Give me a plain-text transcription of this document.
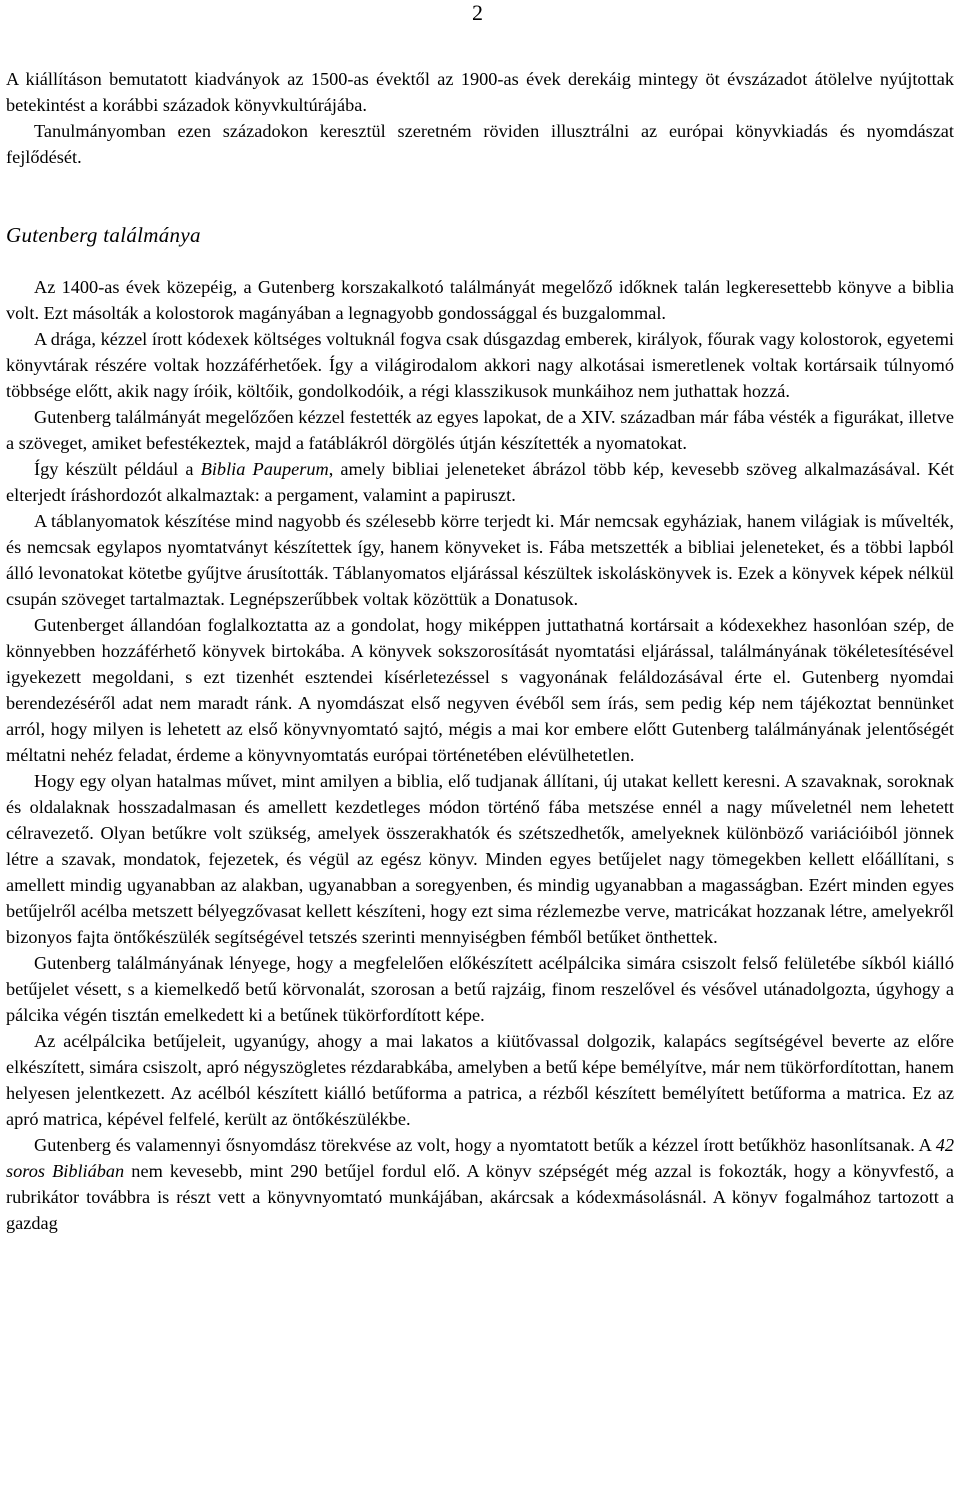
2

A kiállításon bemutatott kiadványok az 1500-as évektől az 1900-as évek derekáig mintegy öt évszázadot átölelve nyújtottak betekintést a korábbi századok könyvkultúrájába.

Tanulmányomban ezen századokon keresztül szeretném röviden illusztrálni az európai könyvkiadás és nyomdászat fejlődését.

Gutenberg találmánya

Az 1400-as évek közepéig, a Gutenberg korszakalkotó találmányát megelőző időknek talán legkeresettebb könyve a biblia volt. Ezt másolták a kolostorok magányában a legnagyobb gondossággal és buzgalommal.

A drága, kézzel írott kódexek költséges voltuknál fogva csak dúsgazdag emberek, királyok, főurak vagy kolostorok, egyetemi könyvtárak részére voltak hozzáférhetőek. Így a világirodalom akkori nagy alkotásai ismeretlenek voltak kortársaik túlnyomó többsége előtt, akik nagy íróik, költőik, gondolkodóik, a régi klasszikusok munkáihoz nem juthattak hozzá.

Gutenberg találmányát megelőzően kézzel festették az egyes lapokat, de a XIV. században már fába vésték a figurákat, illetve a szöveget, amiket befestékeztek, majd a fatáblákról dörgölés útján készítették a nyomatokat.

Így készült például a Biblia Pauperum, amely bibliai jeleneteket ábrázol több kép, kevesebb szöveg alkalmazásával. Két elterjedt íráshordozót alkalmaztak: a pergament, valamint a papiruszt.

A táblanyomatok készítése mind nagyobb és szélesebb körre terjedt ki. Már nemcsak egyháziak, hanem világiak is művelték, és nemcsak egylapos nyomtatványt készítettek így, hanem könyveket is. Fába metszették a bibliai jeleneteket, és a többi lapból álló levonatokat kötetbe gyűjtve árusították. Táblanyomatos eljárással készültek iskoláskönyvek is. Ezek a könyvek képek nélkül csupán szöveget tartalmaztak. Legnépszerűbbek voltak közöttük a Donatusok.

Gutenberget állandóan foglalkoztatta az a gondolat, hogy miképpen juttathatná kortársait a kódexekhez hasonlóan szép, de könnyebben hozzáférhető könyvek birtokába. A könyvek sokszorosítását nyomtatási eljárással, találmányának tökéletesítésével igyekezett megoldani, s ezt tizenhét esztendei kísérletezéssel s vagyonának feláldozásával érte el. Gutenberg nyomdai berendezéséről adat nem maradt ránk. A nyomdászat első negyven évéből sem írás, sem pedig kép nem tájékoztat bennünket arról, hogy milyen is lehetett az első könyvnyomtató sajtó, mégis a mai kor embere előtt Gutenberg találmányának jelentőségét méltatni nehéz feladat, érdeme a könyvnyomtatás európai történetében elévülhetetlen.

Hogy egy olyan hatalmas művet, mint amilyen a biblia, elő tudjanak állítani, új utakat kellett keresni. A szavaknak, soroknak és oldalaknak hosszadalmasan és amellett kezdetleges módon történő fába metszése ennél a nagy műveletnél nem lehetett célravezető. Olyan betűkre volt szükség, amelyek összerakhatók és szétszedhetők, amelyeknek különböző variációiból jönnek létre a szavak, mondatok, fejezetek, és végül az egész könyv. Minden egyes betűjelet nagy tömegekben kellett előállítani, s amellett mindig ugyanabban az alakban, ugyanabban a soregyenben, és mindig ugyanabban a magasságban. Ezért minden egyes betűjelről acélba metszett bélyegzővasat kellett készíteni, hogy ezt sima rézlemezbe verve, matricákat hozzanak létre, amelyekről bizonyos fajta öntőkészülék segítségével tetszés szerinti mennyiségben fémből betűket önthettek.

Gutenberg találmányának lényege, hogy a megfelelően előkészített acélpálcika simára csiszolt felső felületébe síkból kiálló betűjelet vésett, s a kiemelkedő betű körvonalát, szorosan a betű rajzáig, finom reszelővel és vésővel utánadolgozta, úgyhogy a pálcika végén tisztán emelkedett ki a betűnek tükörfordított képe.

Az acélpálcika betűjeleit, ugyanúgy, ahogy a mai lakatos a kiütővassal dolgozik, kalapács segítségével beverte az előre elkészített, simára csiszolt, apró négyszögletes rézdarabkába, amelyben a betű képe bemélyítve, már nem tükörfordítottan, hanem helyesen jelentkezett. Az acélból készített kiálló betűforma a patrica, a rézből készített bemélyített betűforma a matrica. Ez az apró matrica, képével felfelé, került az öntőkészülékbe.

Gutenberg és valamennyi ősnyomdász törekvése az volt, hogy a nyomtatott betűk a kézzel írott betűkhöz hasonlítsanak. A 42 soros Bibliában nem kevesebb, mint 290 betűjel fordul elő. A könyv szépségét még azzal is fokozták, hogy a könyvfestő, a rubrikátor továbbra is részt vett a könyvnyomtató munkájában, akárcsak a kódexmásolásnál. A könyv fogalmához tartozott a gazdag
